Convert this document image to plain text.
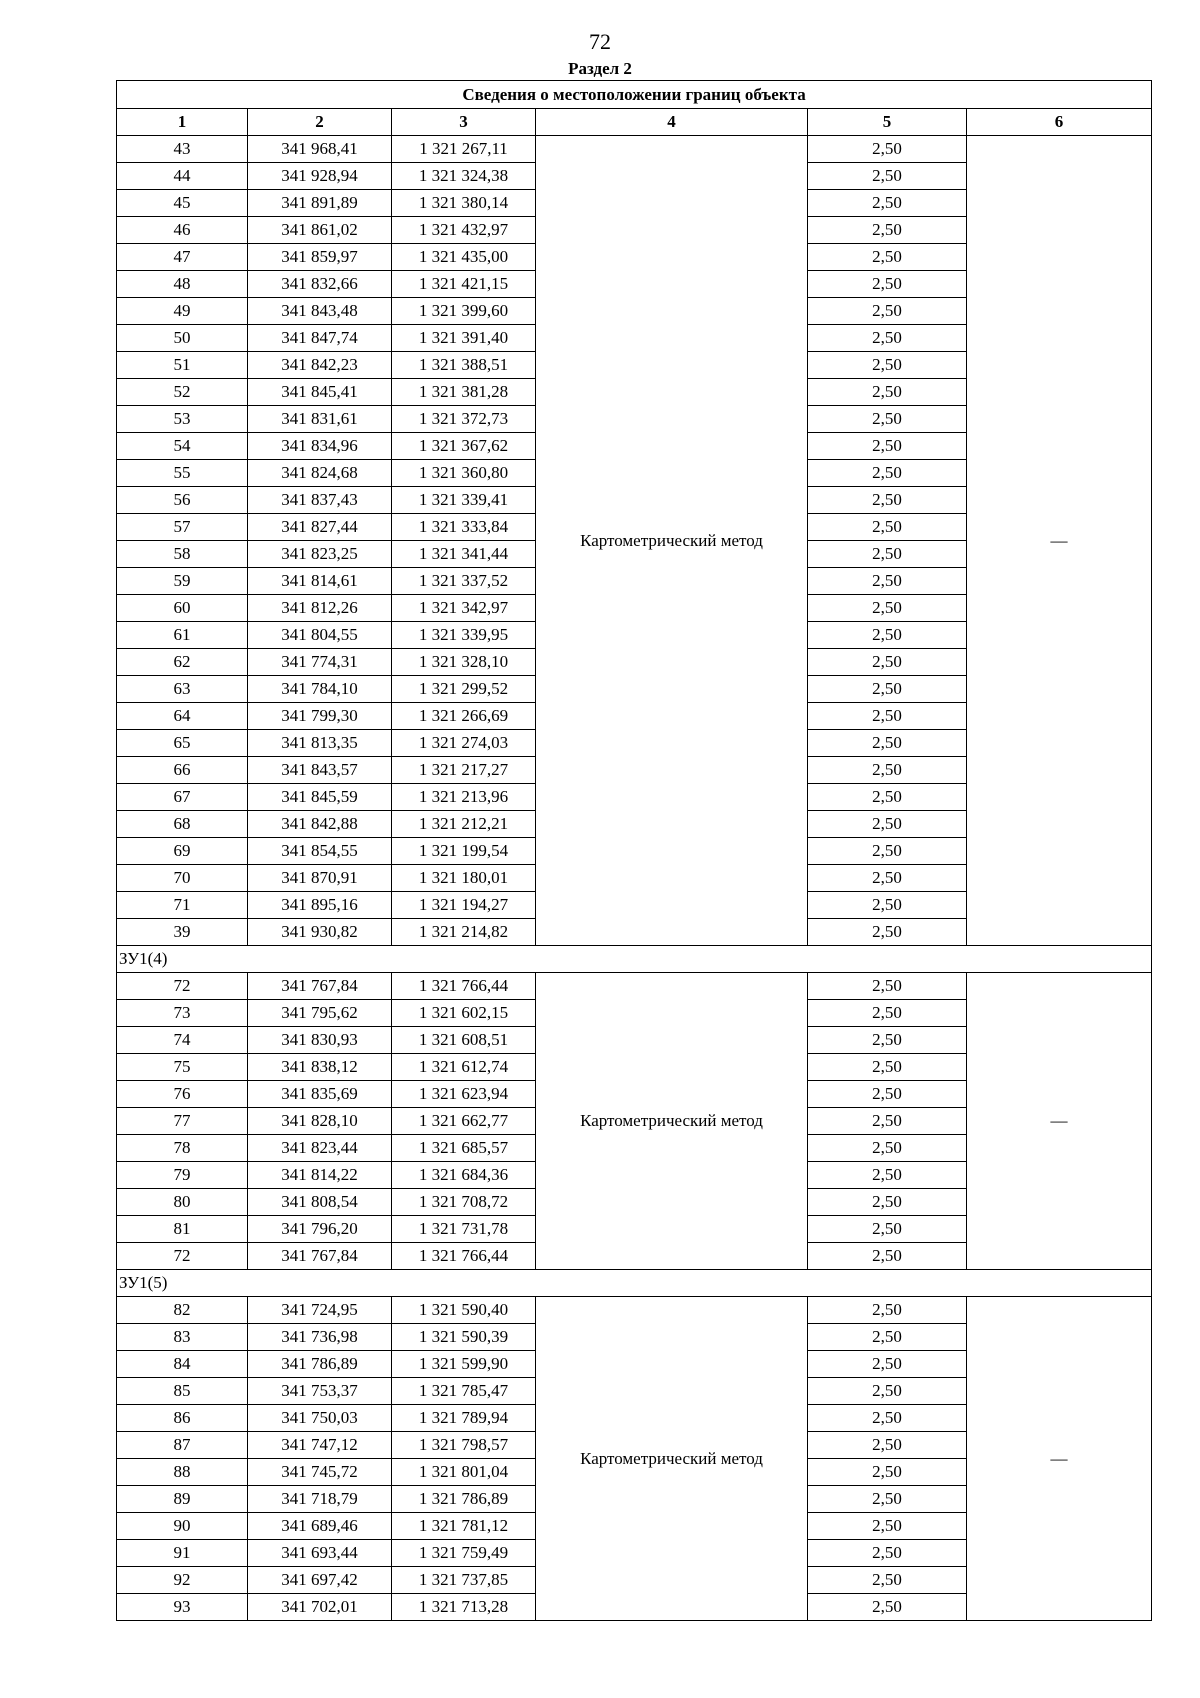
72
Раздел 2
Сведения о местоположении границ объекта					
1	2	3	4	5	6
43	341 968,41	1 321 267,11	Картометрический метод	2,50	—
44	341 928,94	1 321 324,38		2,50	
45	341 891,89	1 321 380,14		2,50	
46	341 861,02	1 321 432,97		2,50	
47	341 859,97	1 321 435,00		2,50	
48	341 832,66	1 321 421,15		2,50	
49	341 843,48	1 321 399,60		2,50	
50	341 847,74	1 321 391,40		2,50	
51	341 842,23	1 321 388,51		2,50	
52	341 845,41	1 321 381,28		2,50	
53	341 831,61	1 321 372,73		2,50	
54	341 834,96	1 321 367,62		2,50	
55	341 824,68	1 321 360,80		2,50	
56	341 837,43	1 321 339,41		2,50	
57	341 827,44	1 321 333,84		2,50	
58	341 823,25	1 321 341,44		2,50	
59	341 814,61	1 321 337,52		2,50	
60	341 812,26	1 321 342,97		2,50	
61	341 804,55	1 321 339,95		2,50	
62	341 774,31	1 321 328,10		2,50	
63	341 784,10	1 321 299,52		2,50	
64	341 799,30	1 321 266,69		2,50	
65	341 813,35	1 321 274,03		2,50	
66	341 843,57	1 321 217,27		2,50	
67	341 845,59	1 321 213,96		2,50	
68	341 842,88	1 321 212,21		2,50	
69	341 854,55	1 321 199,54		2,50	
70	341 870,91	1 321 180,01		2,50	
71	341 895,16	1 321 194,27		2,50	
39	341 930,82	1 321 214,82		2,50	
ЗУ1(4)					
72	341 767,84	1 321 766,44	Картометрический метод	2,50	—
73	341 795,62	1 321 602,15		2,50	
74	341 830,93	1 321 608,51		2,50	
75	341 838,12	1 321 612,74		2,50	
76	341 835,69	1 321 623,94		2,50	
77	341 828,10	1 321 662,77		2,50	
78	341 823,44	1 321 685,57		2,50	
79	341 814,22	1 321 684,36		2,50	
80	341 808,54	1 321 708,72		2,50	
81	341 796,20	1 321 731,78		2,50	
72	341 767,84	1 321 766,44		2,50	
ЗУ1(5)					
82	341 724,95	1 321 590,40	Картометрический метод	2,50	—
83	341 736,98	1 321 590,39		2,50	
84	341 786,89	1 321 599,90		2,50	
85	341 753,37	1 321 785,47		2,50	
86	341 750,03	1 321 789,94		2,50	
87	341 747,12	1 321 798,57		2,50	
88	341 745,72	1 321 801,04		2,50	
89	341 718,79	1 321 786,89		2,50	
90	341 689,46	1 321 781,12		2,50	
91	341 693,44	1 321 759,49		2,50	
92	341 697,42	1 321 737,85		2,50	
93	341 702,01	1 321 713,28		2,50	
